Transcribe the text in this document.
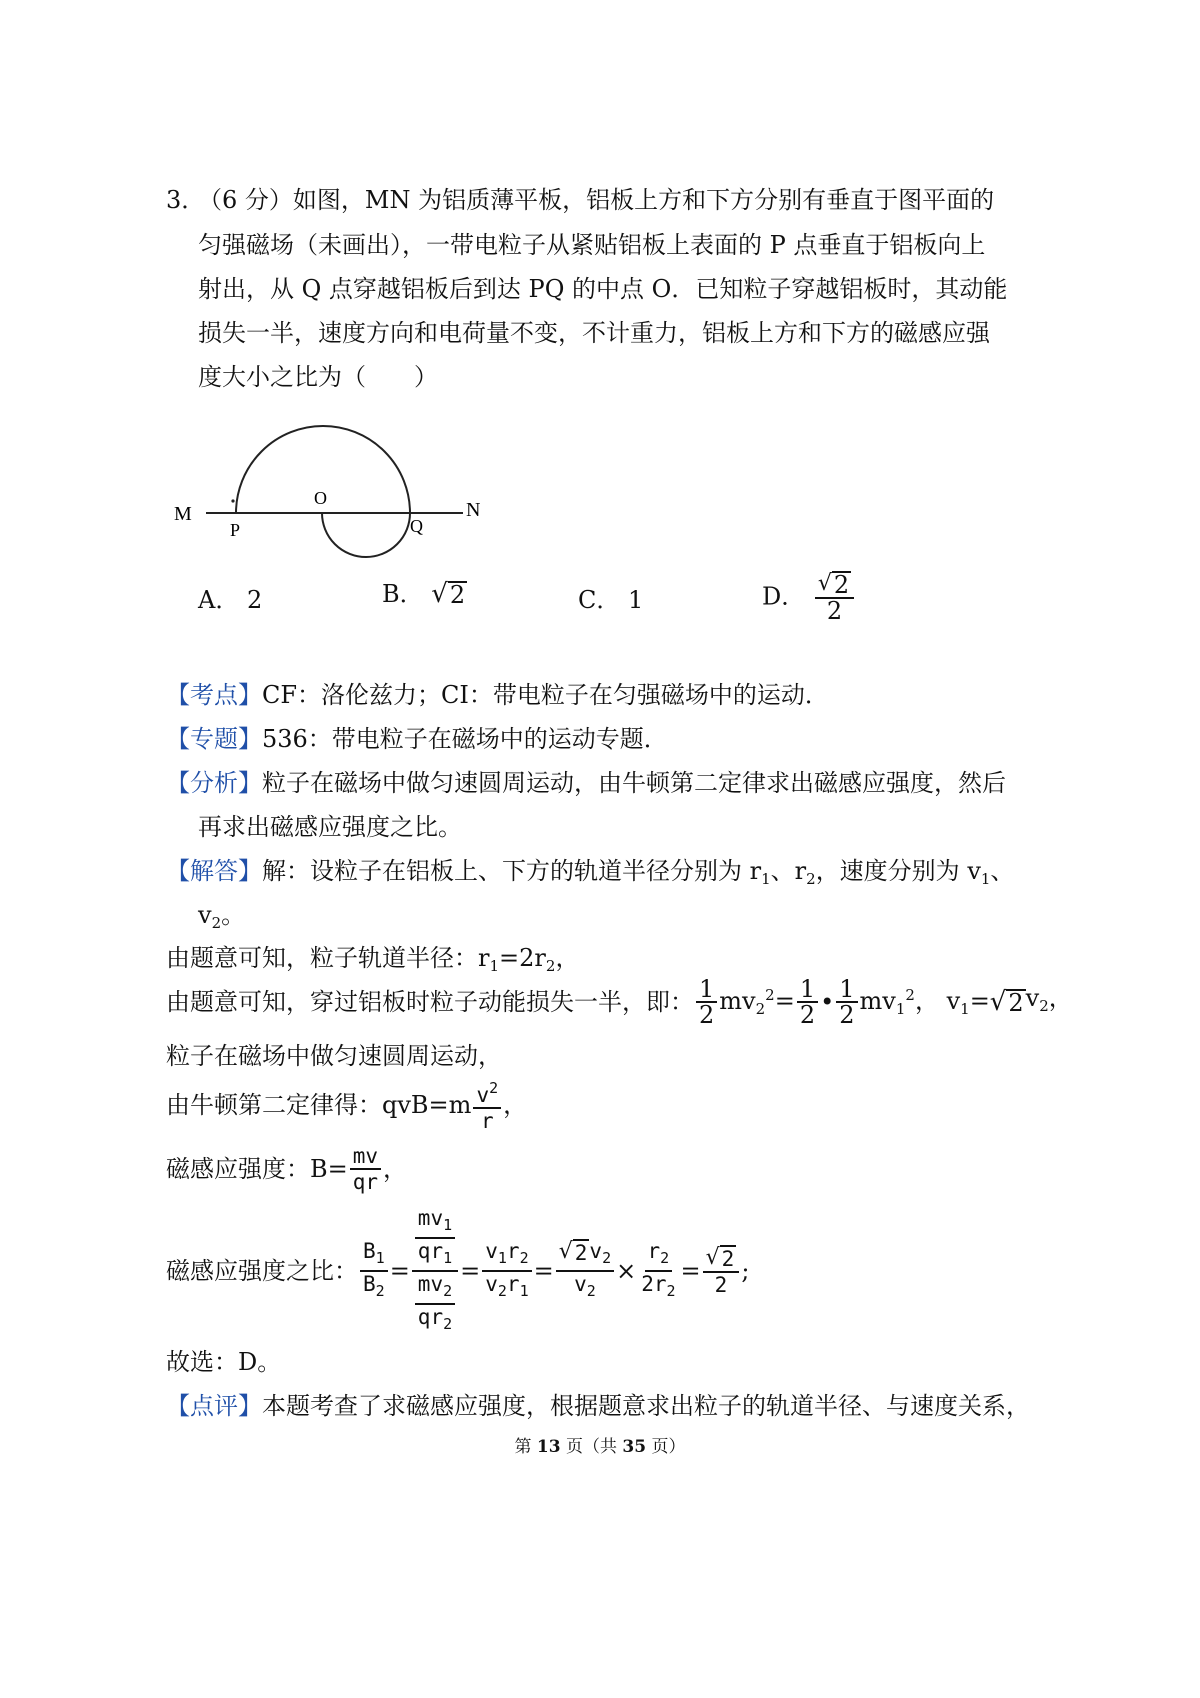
3．
（6 分）如图，MN 为铝质薄平板，铝板上方和下方分别有垂直于图平面的
匀强磁场（未画出），一带电粒子从紧贴铝板上表面的 P 点垂直于铝板向上
射出，从 Q 点穿越铝板后到达 PQ 的中点 O．已知粒子穿越铝板时，其动能
损失一半，速度方向和电荷量不变，不计重力，铝板上方和下方的磁感应强
度大小之比为（　　）
M	N
P
O
Q
A． 2	B． √ 2	C． 1	D． $\frac{√ 2}{2}$
【考点】CF：洛伦兹力；CI：带电粒子在匀强磁场中的运动．
【专题】536：带电粒子在磁场中的运动专题．
【分析】粒子在磁场中做匀速圆周运动，由牛顿第二定律求出磁感应强度，然后
再求出磁感应强度之比。
【解答】解：设粒子在铝板上、下方的轨道半径分别为 $r_1$、$r_2$，速度分别为 $v_1$、
$v_2$。
由题意可知，粒子轨道半径：$r_1=2r_2$，
由题意可知，穿过铝板时粒子动能损失一半，即： $\frac{1}{2} mv_2^2= \frac{1}{2}$ • $\frac{1}{2} mv_1^2$， $v_1=$ √ 2 $v_2$，
粒子在磁场中做匀速圆周运动，
由牛顿第二定律得：$qvB=m \frac{v^2}{r}$ ，
磁感应强度：$B= \frac{mv}{qr}$ ，
磁感应强度之比： $\frac{B_1}{B_2} = \frac{\frac{mv_1}{qr_1}}{\frac{mv_2}{qr_2}} = \frac{v_1r_2}{v_2r_1} = \frac{√ 2 v_2}{v_2} \times \frac{r_2}{2r_2} = \frac{√ 2}{2}$ ;
故选：D。
【点评】本题考查了求磁感应强度，根据题意求出粒子的轨道半径、与速度关系，
第 13 页（共 35 页）
